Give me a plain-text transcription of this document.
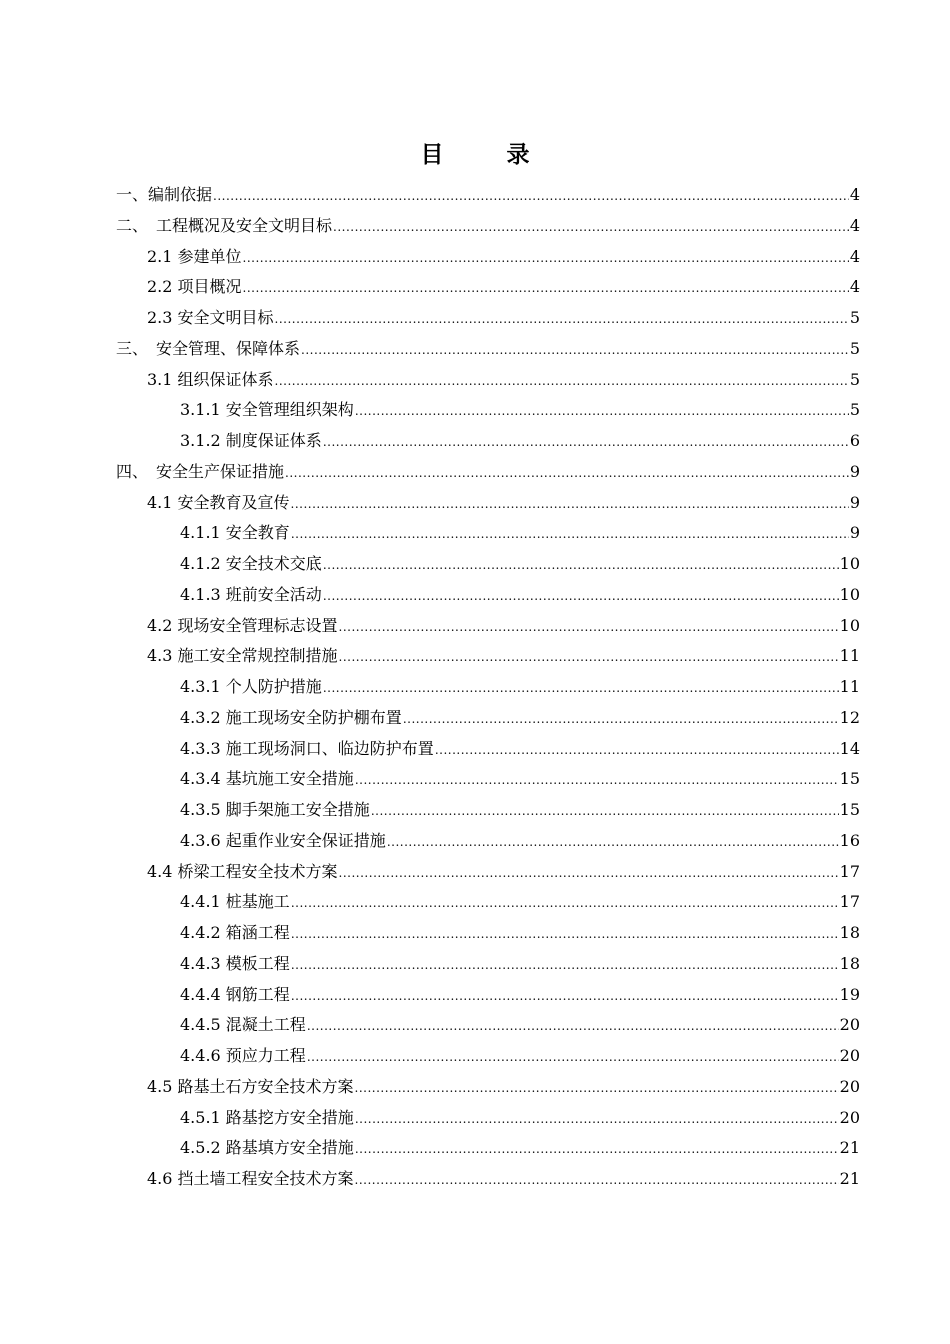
目　录
一、编制依据 .....	4
二、　工程概况及安全文明目标 .....	4
2.1 参建单位 .....	4
2.2 项目概况 .....	4
2.3 安全文明目标 .....	5
三、　安全管理、保障体系 .....	5
3.1 组织保证体系 .....	5
3.1.1 安全管理组织架构 .....	5
3.1.2 制度保证体系 .....	6
四、　安全生产保证措施 .....	9
4.1 安全教育及宣传 .....	9
4.1.1 安全教育 .....	9
4.1.2 安全技术交底 .....	10
4.1.3 班前安全活动 .....	10
4.2 现场安全管理标志设置 .....	10
4.3 施工安全常规控制措施 .....	11
4.3.1 个人防护措施 .....	11
4.3.2 施工现场安全防护棚布置 .....	12
4.3.3 施工现场洞口、临边防护布置 .....	14
4.3.4 基坑施工安全措施 .....	15
4.3.5 脚手架施工安全措施 .....	15
4.3.6 起重作业安全保证措施 .....	16
4.4 桥梁工程安全技术方案 .....	17
4.4.1 桩基施工 .....	17
4.4.2 箱涵工程 .....	18
4.4.3 模板工程 .....	18
4.4.4 钢筋工程 .....	19
4.4.5 混凝土工程 .....	20
4.4.6 预应力工程 .....	20
4.5 路基土石方安全技术方案 .....	20
4.5.1 路基挖方安全措施 .....	20
4.5.2 路基填方安全措施 .....	21
4.6 挡土墙工程安全技术方案 .....	21
